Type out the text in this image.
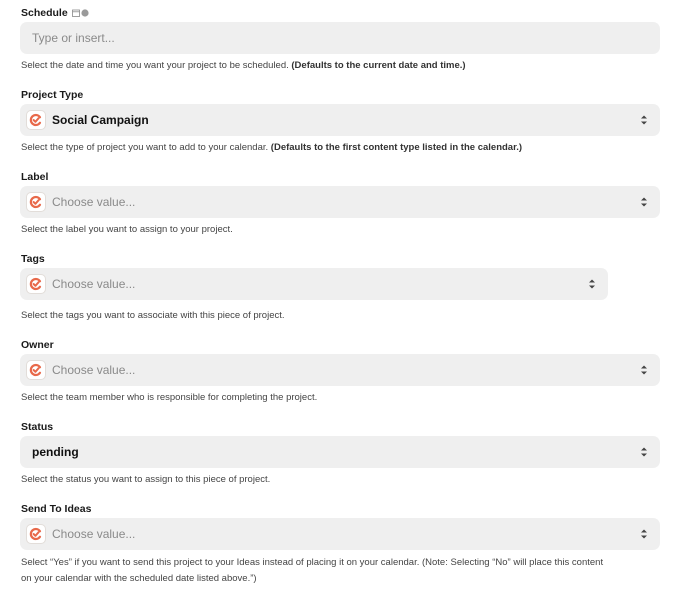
Schedule
Type or insert...
Select the date and time you want your project to be scheduled. (Defaults to the current date and time.)
Project Type
Social Campaign
Select the type of project you want to add to your calendar. (Defaults to the first content type listed in the calendar.)
Label
Choose value...
Select the label you want to assign to your project.
Tags
Choose value...
Select the tags you want to associate with this piece of project.
Owner
Choose value...
Select the team member who is responsible for completing the project.
Status
pending
Select the status you want to assign to this piece of project.
Send To Ideas
Choose value...
Select “Yes” if you want to send this project to your Ideas instead of placing it on your calendar. (Note: Selecting “No” will place this content
on your calendar with the scheduled date listed above.”)
